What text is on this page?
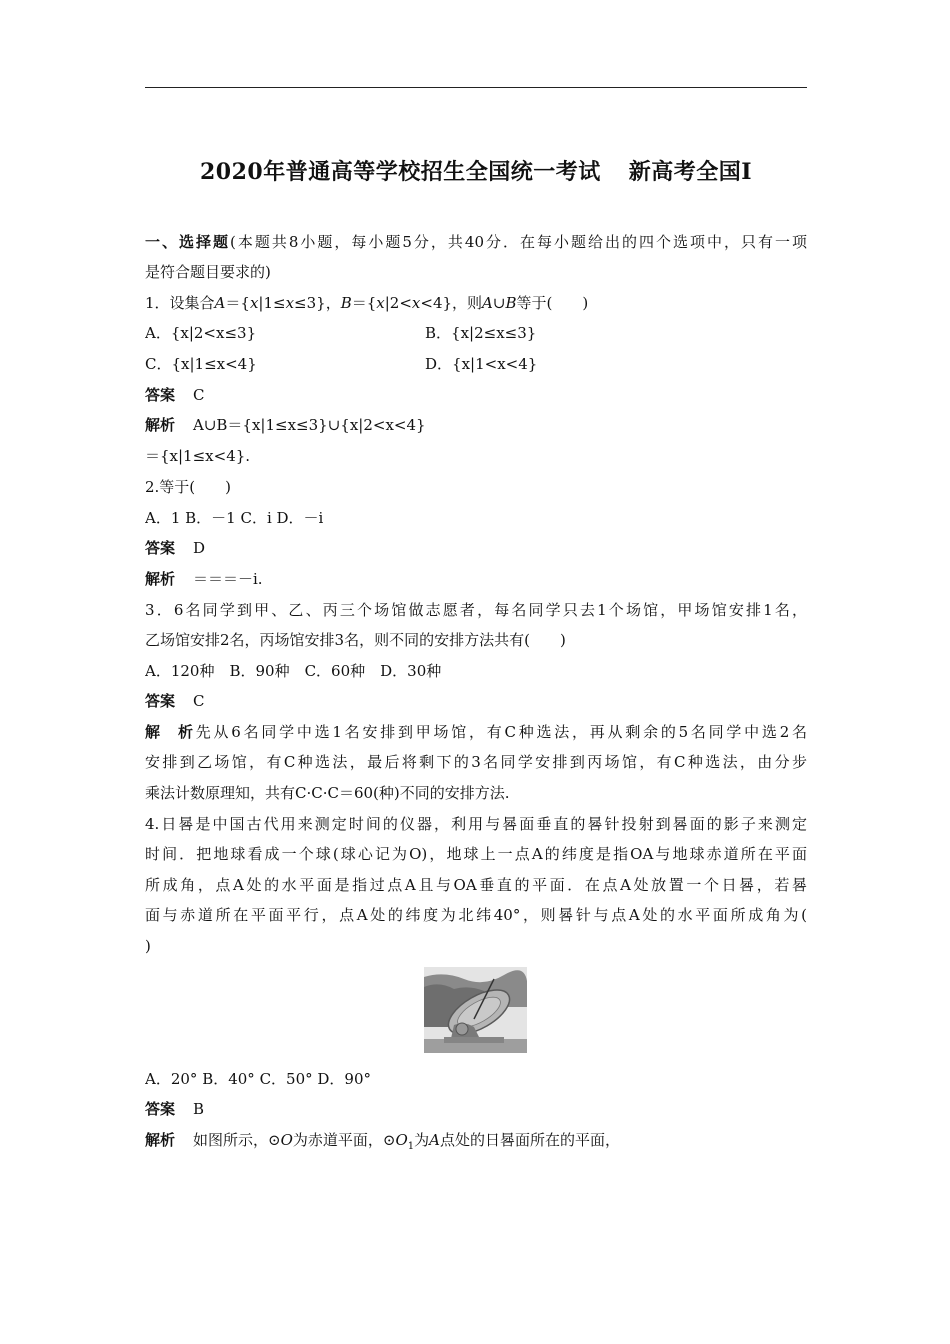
2020年普通高等学校招生全国统一考试 新高考全国Ⅰ
一、选择题(本题共8小题，每小题5分，共40分．在每小题给出的四个选项中，只有一项
是符合题目要求的)
1．设集合A＝{x|1≤x≤3}，B＝{x|2<x<4}，则A∪B等于(　　)
A．{x|2<x≤3}	B．{x|2≤x≤3}
C．{x|1≤x<4}	D．{x|1<x<4}
答案 C
解析 A∪B＝{x|1≤x≤3}∪{x|2<x<4}
＝{x|1≤x<4}.
2.等于(　　)
A．1 B．－1 C．i D．－i
答案 D
解析 ＝＝＝－i.
3．6名同学到甲、乙、丙三个场馆做志愿者，每名同学只去1个场馆，甲场馆安排1名，
乙场馆安排2名，丙场馆安排3名，则不同的安排方法共有(　　)
A．120种　B．90种　C．60种　D．30种
答案 C
解析先从6名同学中选1名安排到甲场馆，有C种选法，再从剩余的5名同学中选2名
安排到乙场馆，有C种选法，最后将剩下的3名同学安排到丙场馆，有C种选法，由分步
乘法计数原理知，共有C·C·C＝60(种)不同的安排方法.
4.日晷是中国古代用来测定时间的仪器，利用与晷面垂直的晷针投射到晷面的影子来测定
时间．把地球看成一个球(球心记为O)，地球上一点A的纬度是指OA与地球赤道所在平面
所成角，点A处的水平面是指过点A且与OA垂直的平面．在点A处放置一个日晷，若晷
面与赤道所在平面平行，点A处的纬度为北纬40°，则晷针与点A处的水平面所成角为(
)
A．20° B．40° C．50° D．90°
答案 B
解析 如图所示，⊙O为赤道平面，$⊙O_1$为A点处的日晷面所在的平面，
